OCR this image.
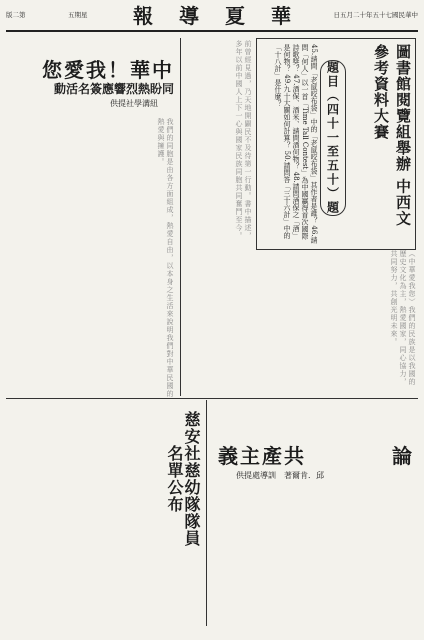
版二第	五期星	報導夏華	日五月二十年五十七國民華中
您愛我！華中
動活名簽應響烈熱盼同
供提社學溝紐
我們的同胞是由各方面組成，熱愛自由，以本身之生活來說明我們對中華民國的熱愛與擁護。	前曾經見過，乃天地開闢民不及待第一行動。書中描述，多年以前中國人上下一心與國家民族同胞共同奮鬥至今。
（中華愛我您）我們的民族是以我國的歷史文化為主，熱愛國家，同心協力，共同努力，共創光明未來。
圖書館閱覽組舉辦 中西文參考資料大賽
題目（四十一至五十）題
45.請問「老鼠咬布袋」中的「老鼠咬布袋」其作者是誰？ 46.請問「何人」以一首「Time Tall Contest」為中國贏得首次國際詩歌獎？ 47.酒保、酒米、請問酒何物？ 48.請問酒保之「酒」是何物？ 49.九十大關如何計算？ 50.請問答「三十六計」中的「十八計」是什麼？
慈安社慈幼隊隊員名單公布	義主產共	論
供提處導訓　著爾肯．邱
